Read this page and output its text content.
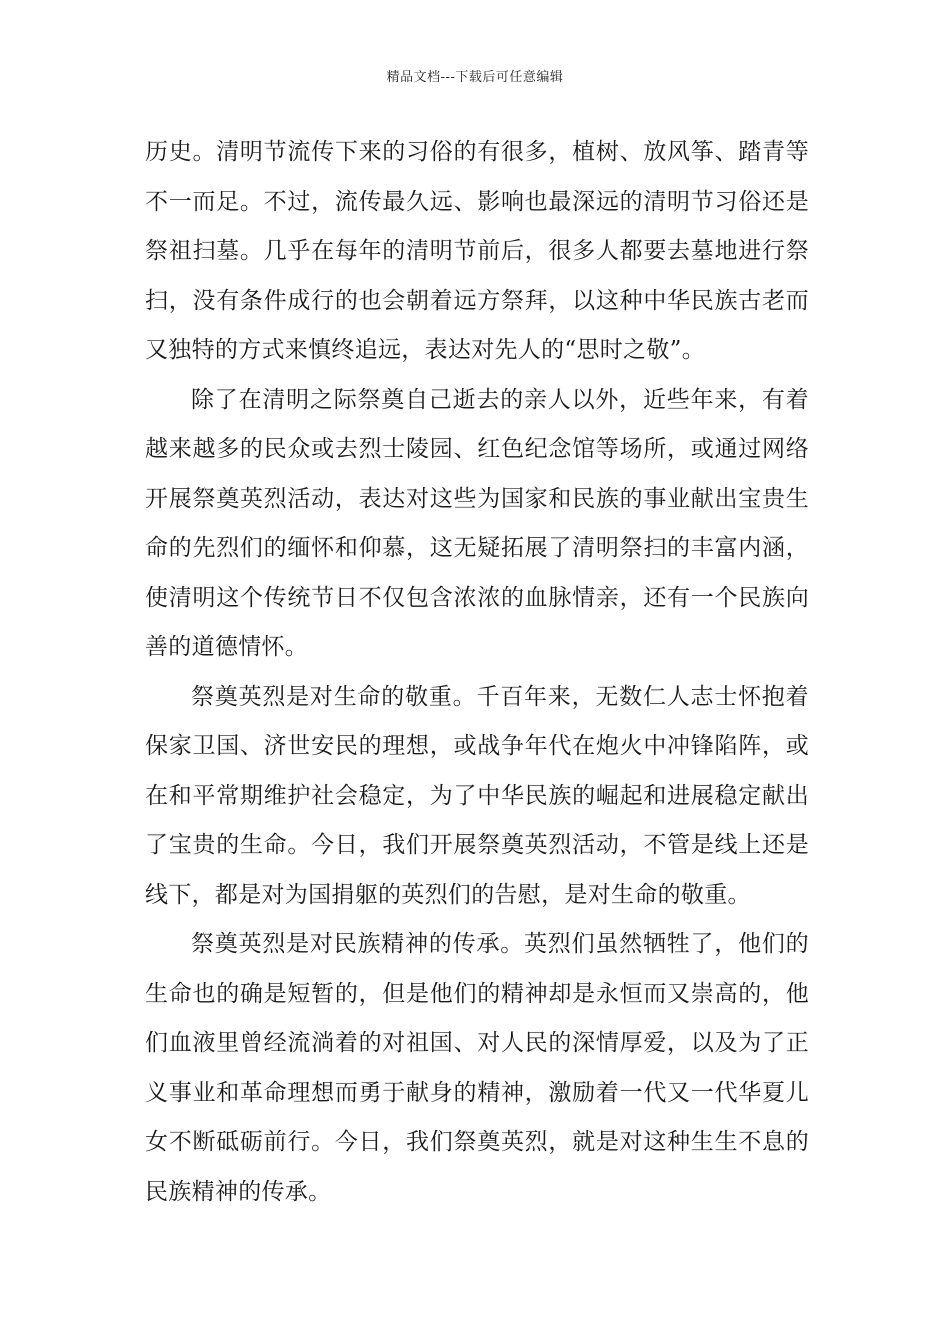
精品文档---下载后可任意编辑

历史。清明节流传下来的习俗的有很多，植树、放风筝、踏青等不一而足。不过，流传最久远、影响也最深远的清明节习俗还是祭祖扫墓。几乎在每年的清明节前后，很多人都要去墓地进行祭扫，没有条件成行的也会朝着远方祭拜，以这种中华民族古老而又独特的方式来慎终追远，表达对先人的“思时之敬”。

除了在清明之际祭奠自己逝去的亲人以外，近些年来，有着越来越多的民众或去烈士陵园、红色纪念馆等场所，或通过网络开展祭奠英烈活动，表达对这些为国家和民族的事业献出宝贵生命的先烈们的缅怀和仰慕，这无疑拓展了清明祭扫的丰富内涵，使清明这个传统节日不仅包含浓浓的血脉情亲，还有一个民族向善的道德情怀。

祭奠英烈是对生命的敬重。千百年来，无数仁人志士怀抱着保家卫国、济世安民的理想，或战争年代在炮火中冲锋陷阵，或在和平常期维护社会稳定，为了中华民族的崛起和进展稳定献出了宝贵的生命。今日，我们开展祭奠英烈活动，不管是线上还是线下，都是对为国捐躯的英烈们的告慰，是对生命的敬重。

祭奠英烈是对民族精神的传承。英烈们虽然牺牲了，他们的生命也的确是短暂的，但是他们的精神却是永恒而又崇高的，他们血液里曾经流淌着的对祖国、对人民的深情厚爱，以及为了正义事业和革命理想而勇于献身的精神，激励着一代又一代华夏儿女不断砥砺前行。今日，我们祭奠英烈，就是对这种生生不息的民族精神的传承。
